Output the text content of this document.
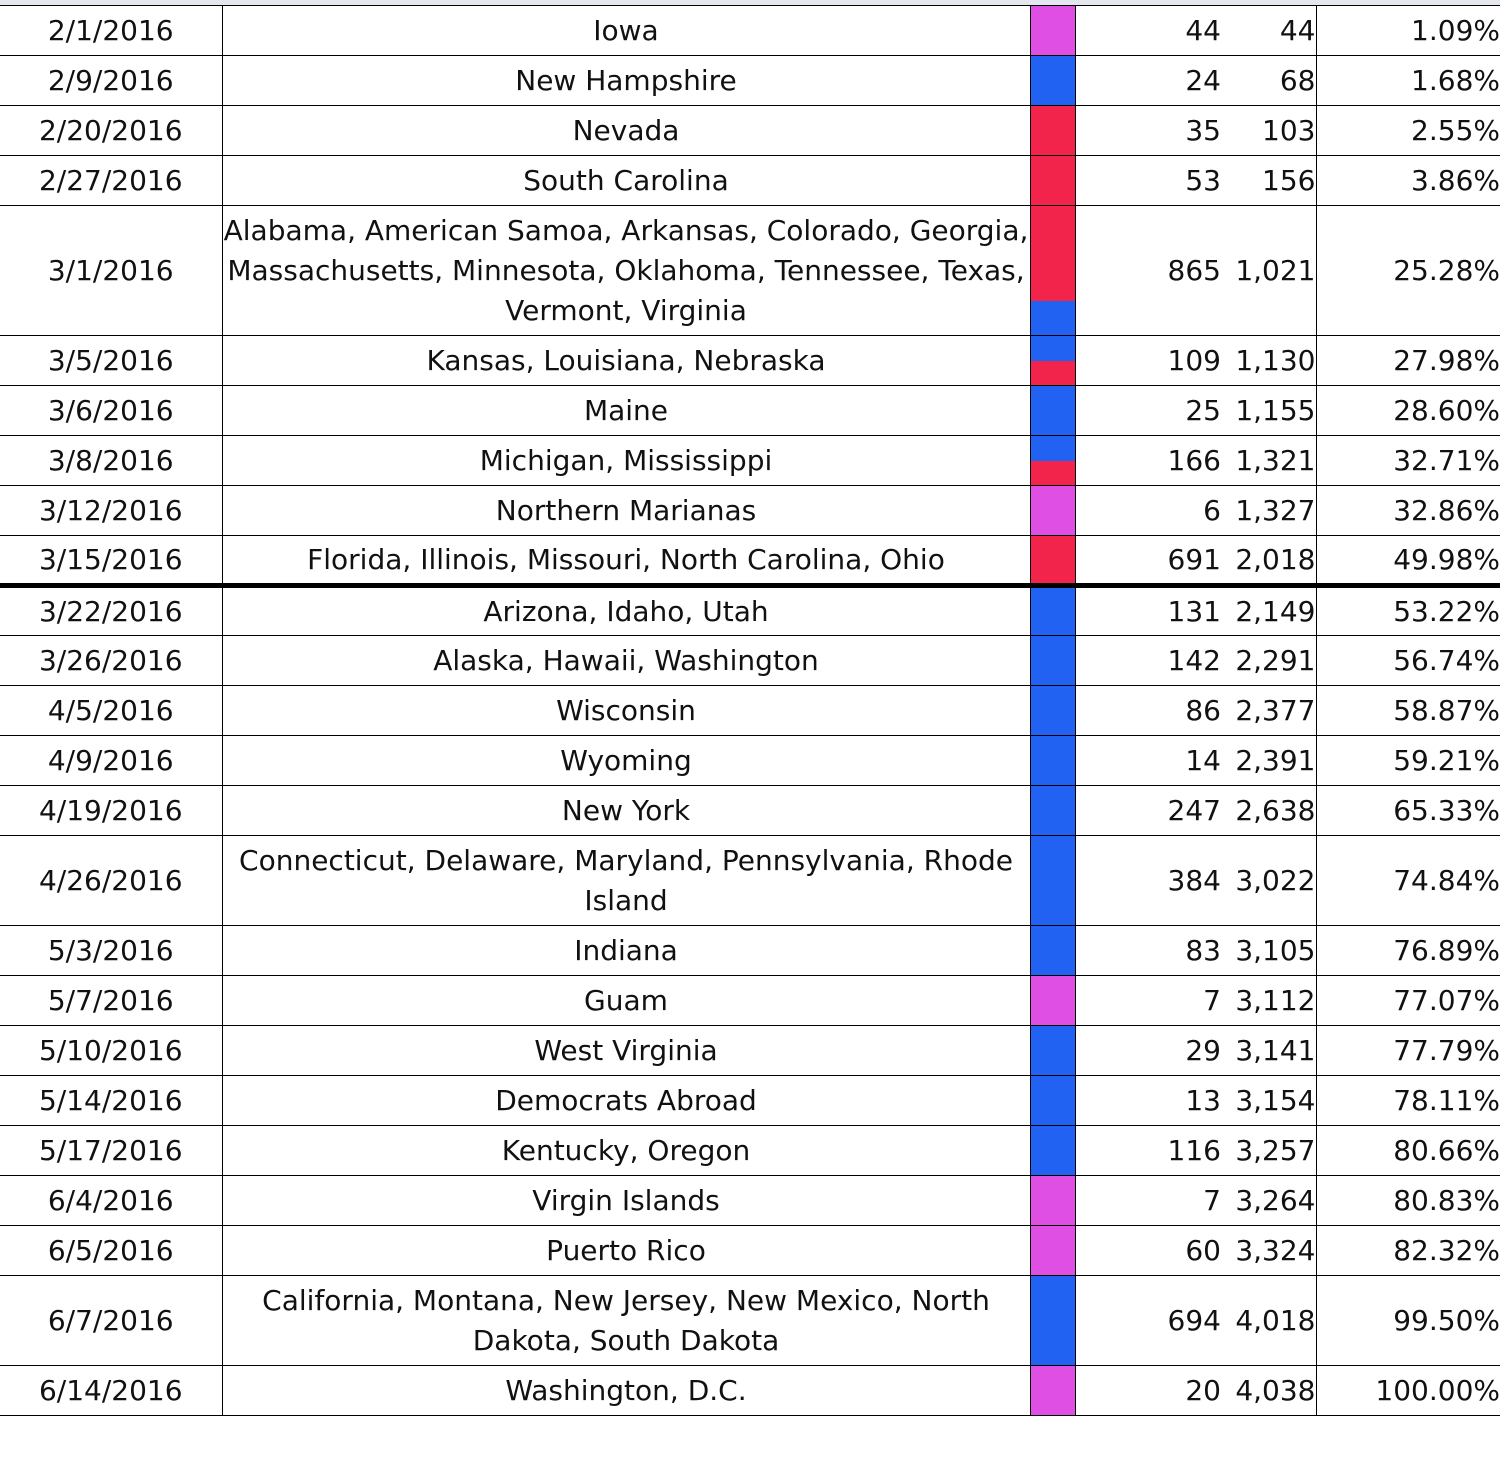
2/1/2016	Iowa		44	44	1.09%
2/9/2016	New Hampshire		24	68	1.68%
2/20/2016	Nevada		35	103	2.55%
2/27/2016	South Carolina		53	156	3.86%
3/1/2016	Alabama, American Samoa, Arkansas, Colorado, Georgia, Massachusetts, Minnesota, Oklahoma, Tennessee, Texas, Vermont, Virginia		865	1,021	25.28%
3/5/2016	Kansas, Louisiana, Nebraska		109	1,130	27.98%
3/6/2016	Maine		25	1,155	28.60%
3/8/2016	Michigan, Mississippi		166	1,321	32.71%
3/12/2016	Northern Marianas		6	1,327	32.86%
3/15/2016	Florida, Illinois, Missouri, North Carolina, Ohio		691	2,018	49.98%
3/22/2016	Arizona, Idaho, Utah		131	2,149	53.22%
3/26/2016	Alaska, Hawaii, Washington		142	2,291	56.74%
4/5/2016	Wisconsin		86	2,377	58.87%
4/9/2016	Wyoming		14	2,391	59.21%
4/19/2016	New York		247	2,638	65.33%
4/26/2016	Connecticut, Delaware, Maryland, Pennsylvania, Rhode Island		384	3,022	74.84%
5/3/2016	Indiana		83	3,105	76.89%
5/7/2016	Guam		7	3,112	77.07%
5/10/2016	West Virginia		29	3,141	77.79%
5/14/2016	Democrats Abroad		13	3,154	78.11%
5/17/2016	Kentucky, Oregon		116	3,257	80.66%
6/4/2016	Virgin Islands		7	3,264	80.83%
6/5/2016	Puerto Rico		60	3,324	82.32%
6/7/2016	California, Montana, New Jersey, New Mexico, North Dakota, South Dakota		694	4,018	99.50%
6/14/2016	Washington, D.C.		20	4,038	100.00%
